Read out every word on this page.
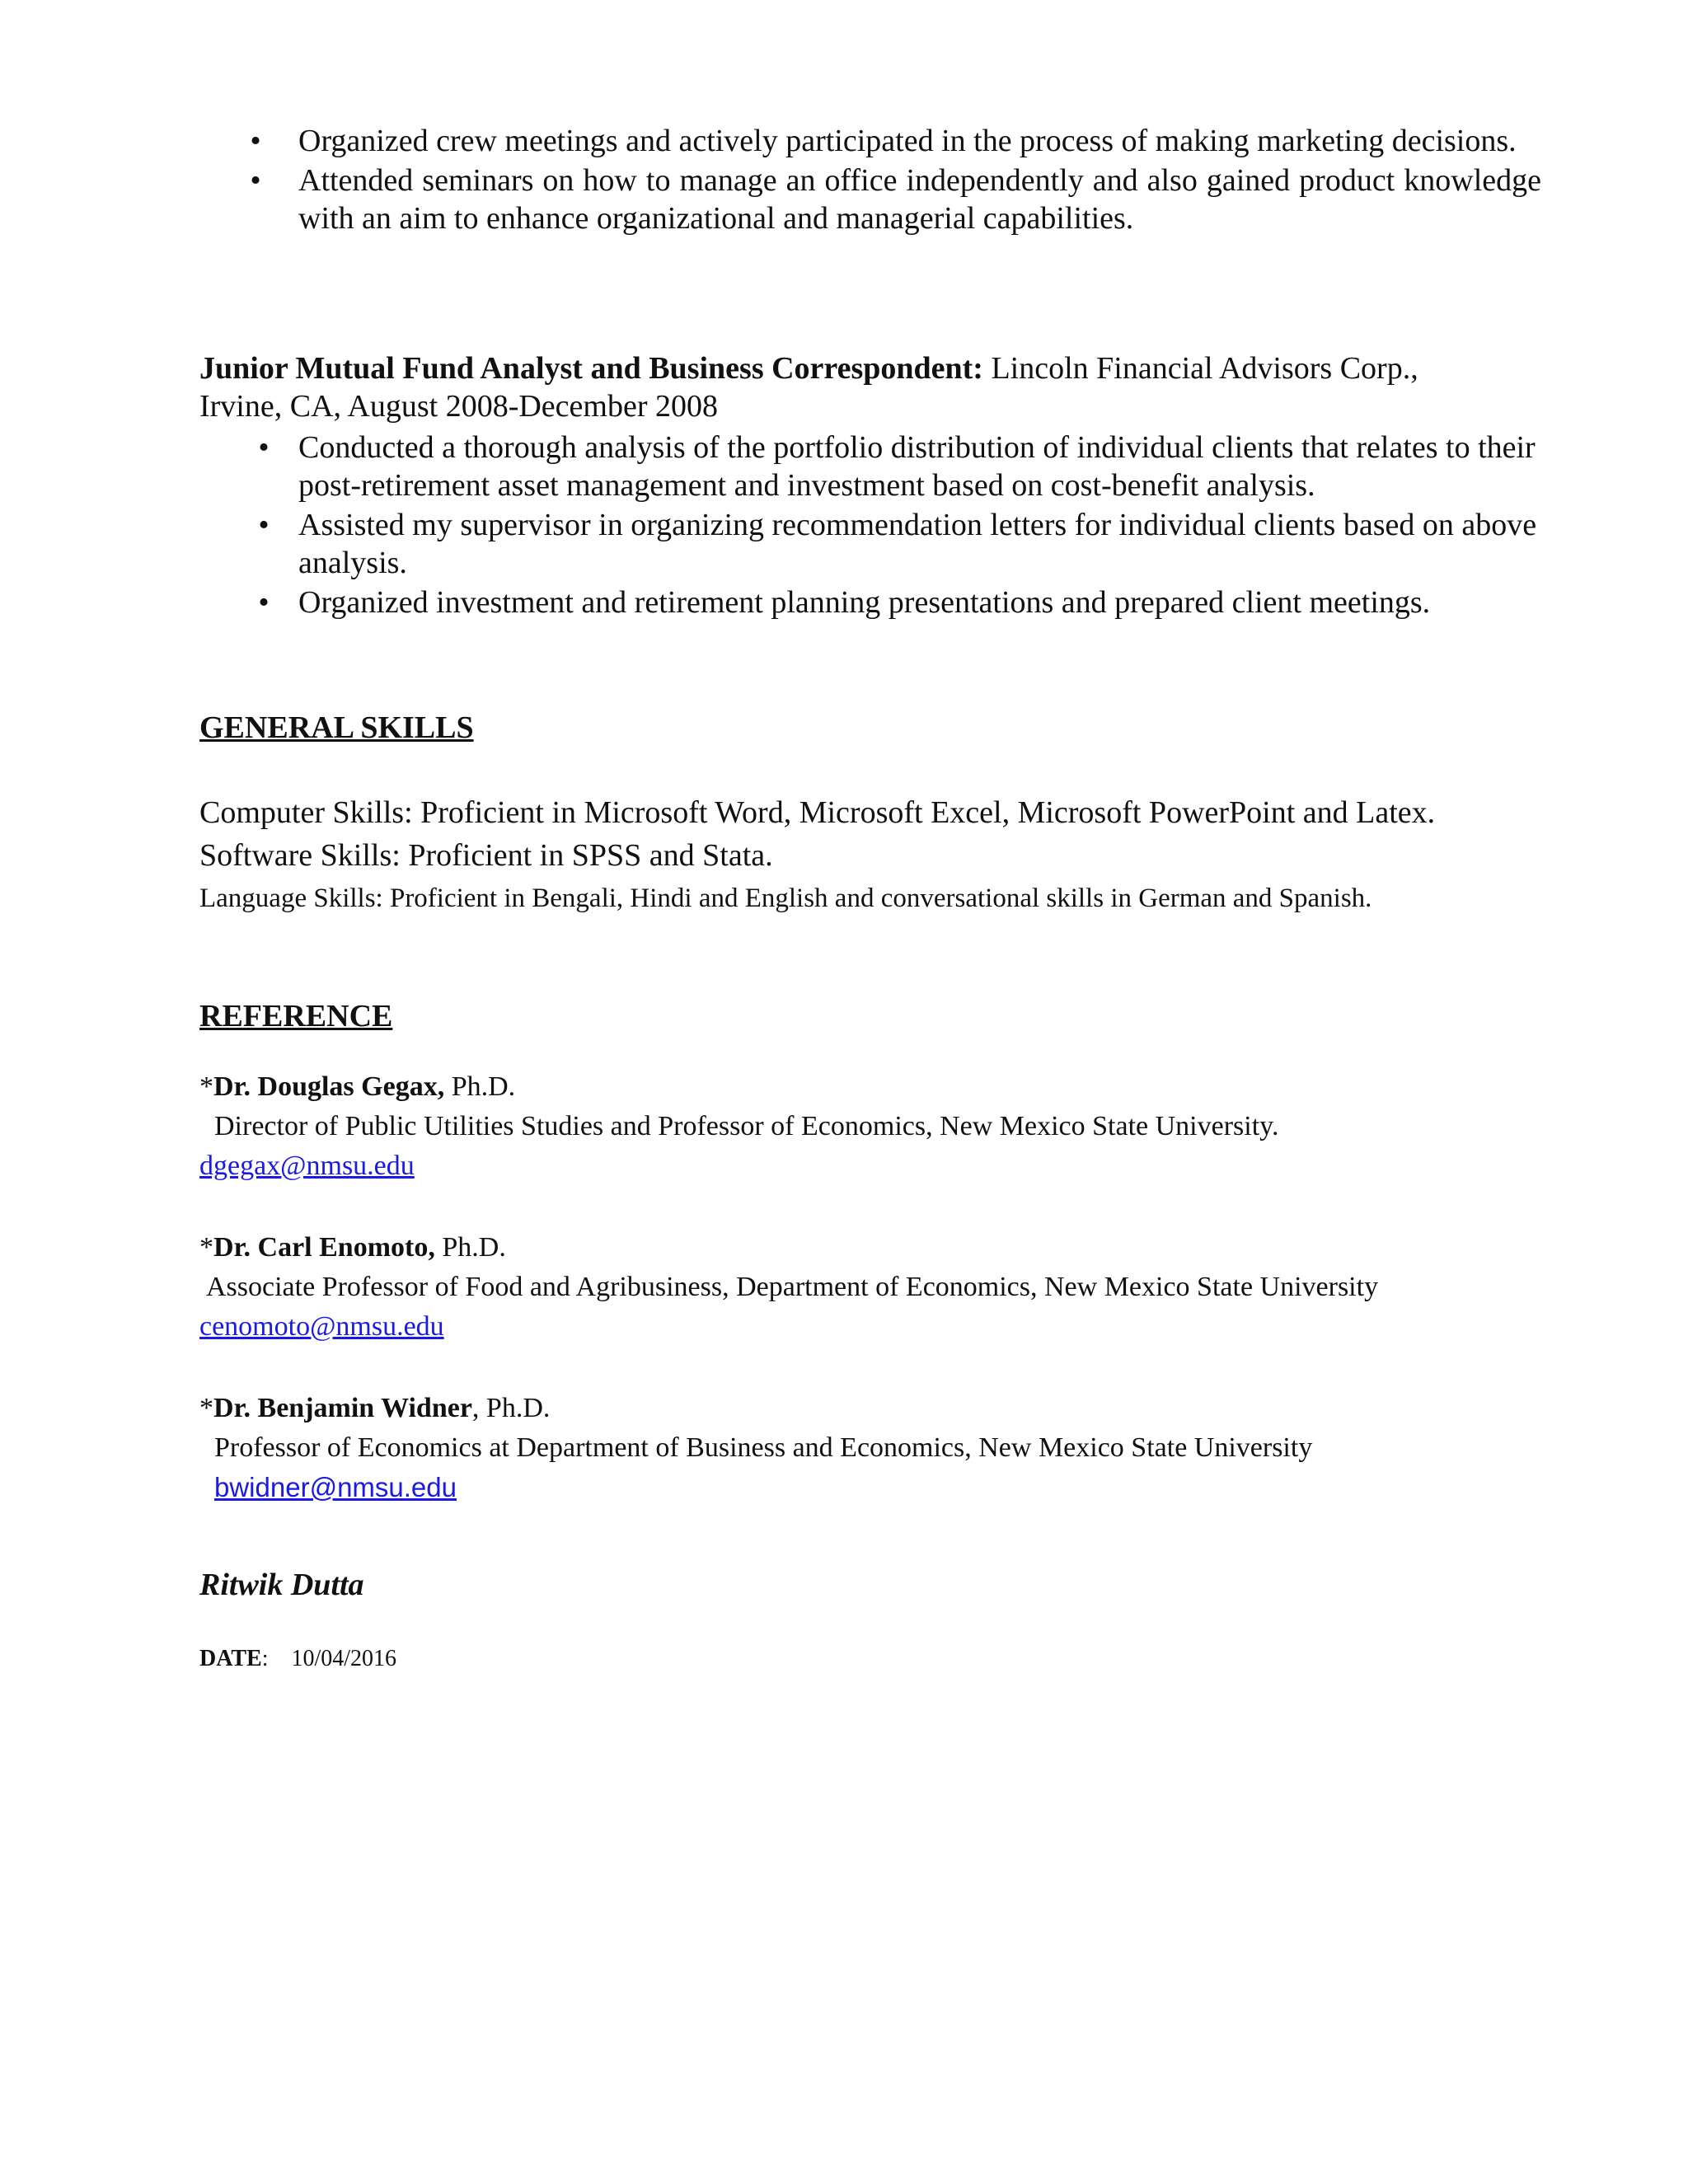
• Organized crew meetings and actively participated in the process of making marketing decisions.
• Attended seminars on how to manage an office independently and also gained product knowledge with an aim to enhance organizational and managerial capabilities.
Junior Mutual Fund Analyst and Business Correspondent: Lincoln Financial Advisors Corp.,
Irvine, CA, August 2008-December 2008
• Conducted a thorough analysis of the portfolio distribution of individual clients that relates to their post-retirement asset management and investment based on cost-benefit analysis.
• Assisted my supervisor in organizing recommendation letters for individual clients based on above analysis.
• Organized investment and retirement planning presentations and prepared client meetings.
GENERAL SKILLS
Computer Skills: Proficient in Microsoft Word, Microsoft Excel, Microsoft PowerPoint and Latex.
Software Skills: Proficient in SPSS and Stata.
Language Skills: Proficient in Bengali, Hindi and English and conversational skills in German and Spanish.
REFERENCE
*Dr. Douglas Gegax, Ph.D.
Director of Public Utilities Studies and Professor of Economics, New Mexico State University.
dgegax@nmsu.edu
*Dr. Carl Enomoto, Ph.D.
Associate Professor of Food and Agribusiness, Department of Economics, New Mexico State University
cenomoto@nmsu.edu
*Dr. Benjamin Widner, Ph.D.
Professor of Economics at Department of Business and Economics, New Mexico State University
bwidner@nmsu.edu
Ritwik Dutta
DATE: 10/04/2016
